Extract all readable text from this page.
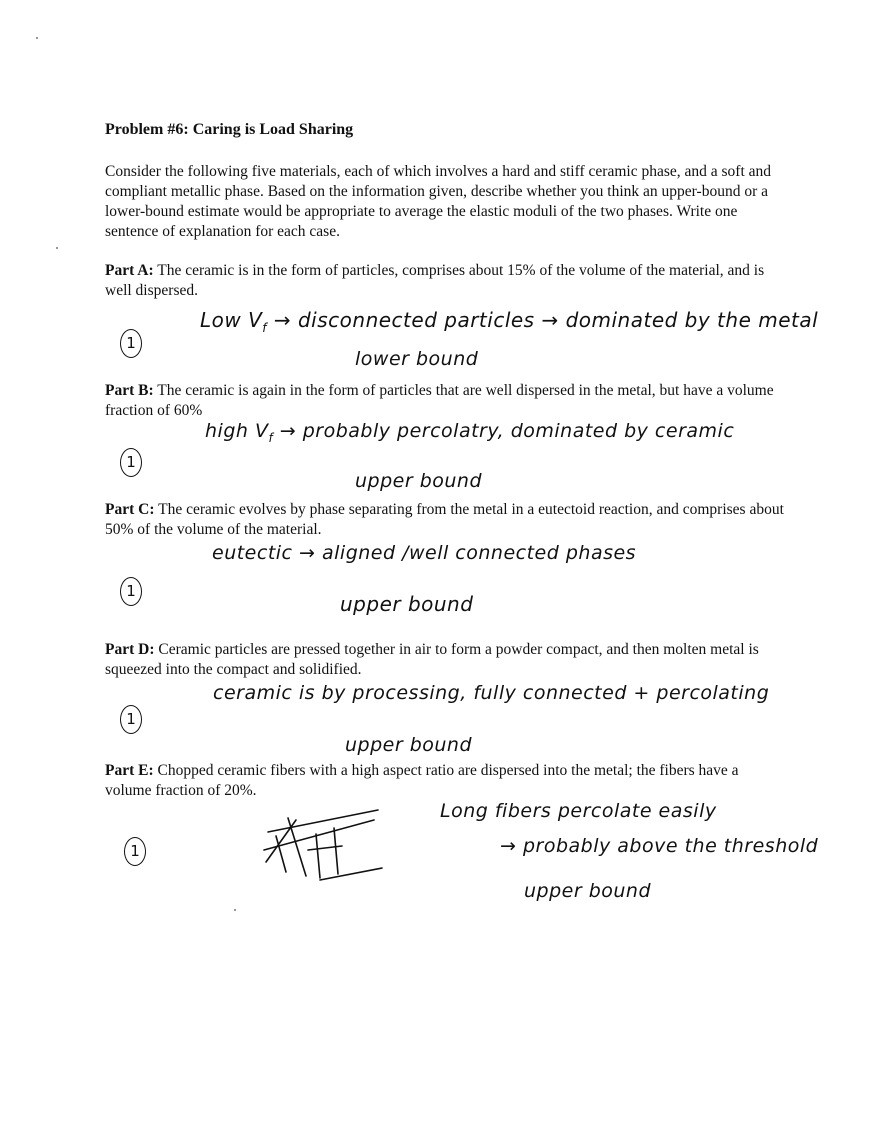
Problem #6: Caring is Load Sharing
Consider the following five materials, each of which involves a hard and stiff ceramic phase, and a soft and compliant metallic phase. Based on the information given, describe whether you think an upper-bound or a lower-bound estimate would be appropriate to average the elastic moduli of the two phases. Write one sentence of explanation for each case.
Part A: The ceramic is in the form of particles, comprises about 15% of the volume of the material, and is well dispersed.
1
Low $V_f$ → disconnected particles → dominated by the metal
lower bound
Part B: The ceramic is again in the form of particles that are well dispersed in the metal, but have a volume fraction of 60%
1
high $V_f$ → probably percolatry, dominated by ceramic
upper bound
Part C: The ceramic evolves by phase separating from the metal in a eutectoid reaction, and comprises about 50% of the volume of the material.
1
eutectic → aligned /well connected phases
upper bound
Part D: Ceramic particles are pressed together in air to form a powder compact, and then molten metal is squeezed into the compact and solidified.
1
ceramic is by processing, fully connected + percolating
upper bound
Part E: Chopped ceramic fibers with a high aspect ratio are dispersed into the metal; the fibers have a volume fraction of 20%.
1
Long fibers percolate easily
→ probably above the threshold
upper bound
